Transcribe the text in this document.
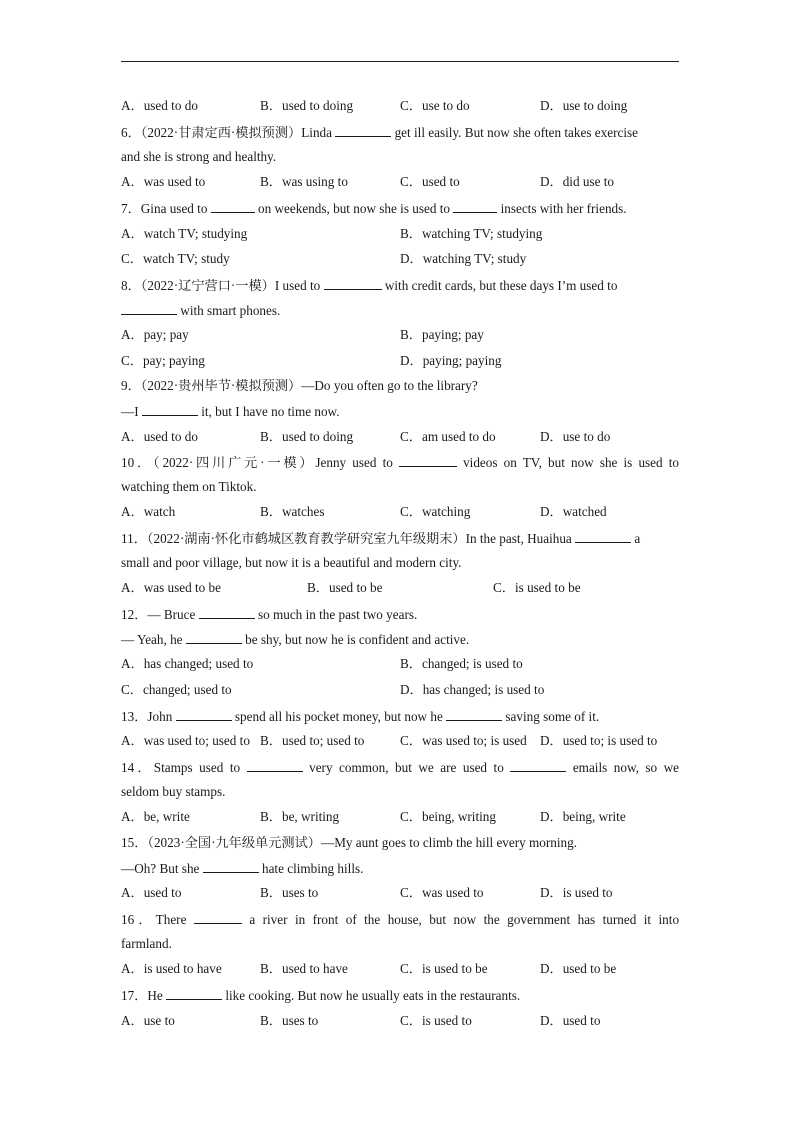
A．used to do	B．used to doing	C．use to do	D．use to doing
6．（2022·甘肃定西·模拟预测）Linda	get ill easily. But now she often takes exercise
and she is strong and healthy.
A．was used to	B．was using to	C．used to	D．did use to
7．Gina used to	on weekends, but now she is used to	insects with her friends.
A．watch TV; studying	B．watching TV; studying
C．watch TV; study	D．watching TV; study
8．（2022·辽宁营口·一模）I used to	with credit cards, but these days I’m used to
with smart phones.
A．pay; pay	B．paying; pay
C．pay; paying	D．paying; paying
9．（2022·贵州毕节·模拟预测）—Do you often go to the library?
—I	it, but I have no time now.
A．used to do	B．used to doing	C．am used to do	D．use to do
10．（2022·四川广元·一模）Jenny used to	videos on TV, but now she is used to
watching them on Tiktok.
A．watch	B．watches	C．watching	D．watched
11．（2022·湖南·怀化市鹤城区教育教学研究室九年级期末）In the past, Huaihua	a
small and poor village, but now it is a beautiful and modern city.
A．was used to be	B．used to be	C．is used to be
12．— Bruce	so much in the past two years.
— Yeah, he	be shy, but now he is confident and active.
A．has changed; used to	B．changed; is used to
C．changed; used to	D．has changed; is used to
13．John	spend all his pocket money, but now he	saving some of it.
A．was used to; used to B．used to; used to	C．was used to; is used D．used to; is used to
14．Stamps used to	very common, but we are used to	emails now, so we
seldom buy stamps.
A．be, write	B．be, writing	C．being, writing	D．being, write
15．（2023·全国·九年级单元测试）—My aunt goes to climb the hill every morning.
—Oh? But she	hate climbing hills.
A．used to	B．uses to	C．was used to	D．is used to
16．There	a river in front of the house, but now the government has turned it into
farmland.
A．is used to have	B．used to have	C．is used to be	D．used to be
17．He	like cooking. But now he usually eats in the restaurants.
A．use to	B．uses to	C．is used to	D．used to
